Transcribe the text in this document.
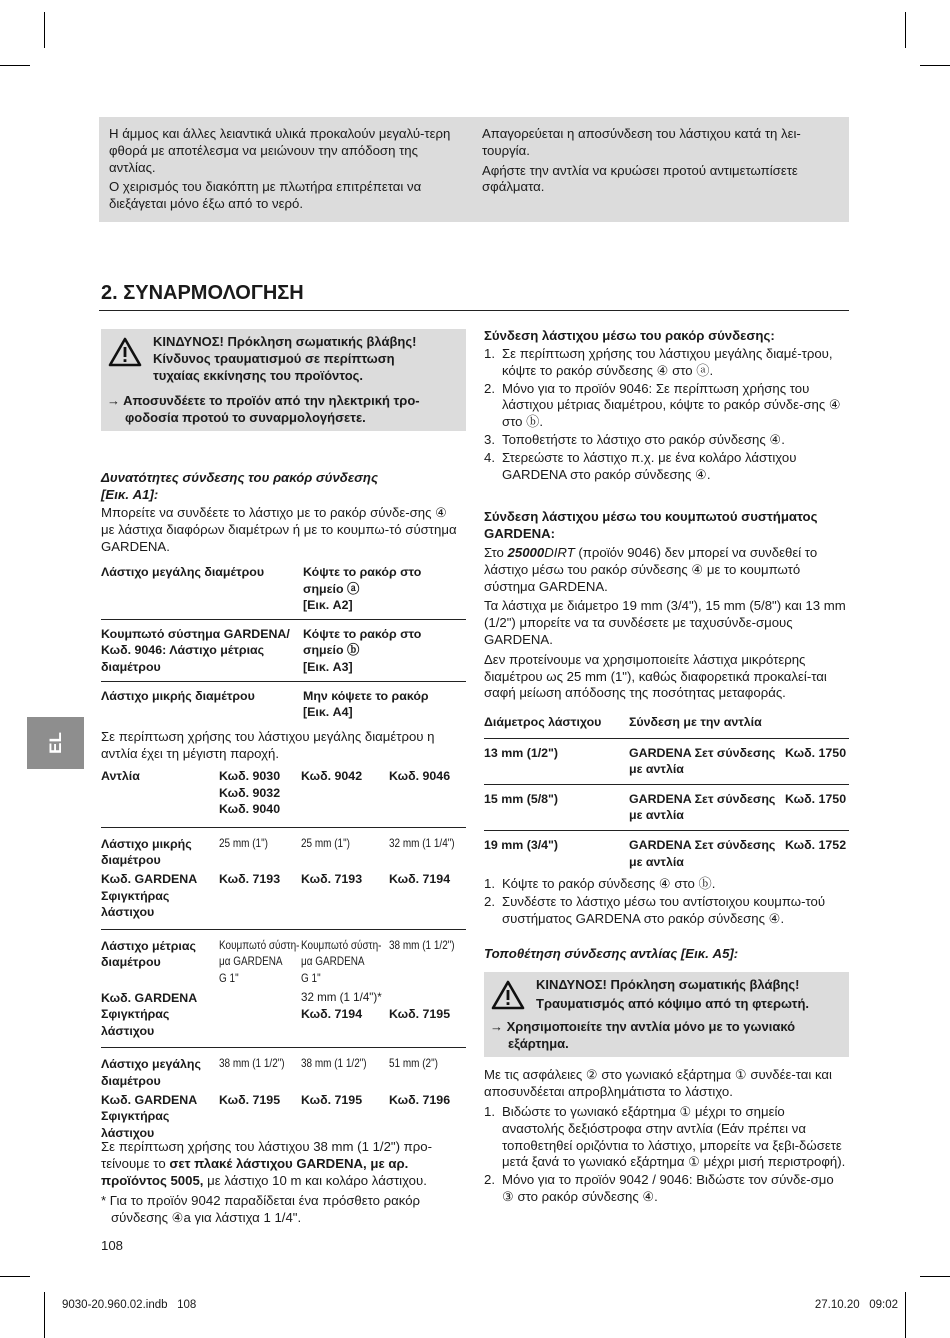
Η άμμος και άλλες λειαντικά υλικά προκαλούν μεγαλύ-τερη φθορά με αποτέλεσμα να μειώνουν την απόδοση της αντλίας.

Ο χειρισμός του διακόπτη με πλωτήρα επιτρέπεται να διεξάγεται μόνο έξω από το νερό.

Απαγορεύεται η αποσύνδεση του λάστιχου κατά τη λει-τουργία.

Αφήστε την αντλία να κρυώσει προτού αντιμετωπίσετε σφάλματα.

2. ΣΥΝΑΡΜΟΛΟΓΗΣΗ
EL

ΚΙΝΔΥΝΟΣ! Πρόκληση σωματικής βλάβης!

Κίνδυνος τραυματισμού σε περίπτωση

τυχαίας εκκίνησης του προϊόντος.

→ Αποσυνδέετε το προϊόν από την ηλεκτρική τρο-

φοδοσία προτού το συναρμολογήσετε.

Δυνατότητες σύνδεσης του ρακόρ σύνδεσης

[Εικ. A1]:

Μπορείτε να συνδέετε το λάστιχο με το ρακόρ σύνδε-σης ④ με λάστιχα διαφόρων διαμέτρων ή με το κουμπω-τό σύστημα GARDENA.
Λάστιχο μεγάλης διαμέτρου	Κόψτε το ρακόρ στο
σημείο ⓐ
[Εικ. A2]
Κουμπωτό σύστημα GARDENA/
Κωδ. 9046: Λάστιχο μέτριας
διαμέτρου
Κόψτε το ρακόρ στο
σημείο ⓑ
[Εικ. A3]
Λάστιχο μικρής διαμέτρου	Μην κόψετε το ρακόρ
[Εικ. A4]
Σε περίπτωση χρήσης του λάστιχου μεγάλης διαμέτρου η αντλία έχει τη μέγιστη παροχή.
Αντλία	Κωδ. 9030
Κωδ. 9032
Κωδ. 9040
Κωδ. 9042	Κωδ. 9046
Λάστιχο μικρής
διαμέτρου
25 mm (1")	25 mm (1")	32 mm (1 1/4")
Κωδ. GARDENA
Σφιγκτήρας
λάστιχου
Κωδ. 7193	Κωδ. 7193	Κωδ. 7194
Λάστιχο μέτριας
διαμέτρου
Κουμπωτό σύστη-
μα GARDENA
G 1"
Κουμπωτό σύστη-
μα GARDENA
G 1"
38 mm (1 1/2")
Κωδ. GARDENA
Σφιγκτήρας
λάστιχου

32 mm (1 1/4")*
Κωδ. 7194
	Κωδ. 7195
Λάστιχο μεγάλης
διαμέτρου
38 mm (1 1/2")	38 mm (1 1/2")	51 mm (2")
Κωδ. GARDENA
Σφιγκτήρας
λάστιχου
Κωδ. 7195	Κωδ. 7195	Κωδ. 7196
Σε περίπτωση χρήσης του λάστιχου 38 mm (1 1/2") προ-τείνουμε το σετ πλακέ λάστιχου GARDENA, με αρ. προϊόντος 5005, με λάστιχο 10 m και κολάρο λάστιχου.
* Για το προϊόν 9042 παραδίδεται ένα πρόσθετο ρακόρ σύνδεσης ④a για λάστιχα 1 1/4".
108
Σύνδεση λάστιχου μέσω του ρακόρ σύνδεσης:
1. Σε περίπτωση χρήσης του λάστιχου μεγάλης διαμέ-τρου, κόψτε το ρακόρ σύνδεσης ④ στο ⓐ.
2. Μόνο για το προϊόν 9046: Σε περίπτωση χρήσης του λάστιχου μέτριας διαμέτρου, κόψτε το ρακόρ σύνδε-σης ④ στο ⓑ.
3. Τοποθετήστε το λάστιχο στο ρακόρ σύνδεσης ④.
4. Στερεώστε το λάστιχο π.χ. με ένα κολάρο λάστιχου GARDENA στο ρακόρ σύνδεσης ④.
Σύνδεση λάστιχου μέσω του κουμπωτού συστήματος GARDENA:

Στο 25000DIRT (προϊόν 9046) δεν μπορεί να συνδεθεί το λάστιχο μέσω του ρακόρ σύνδεσης ④ με το κουμπωτό σύστημα GARDENA.

Τα λάστιχα με διάμετρο 19 mm (3/4"), 15 mm (5/8") και 13 mm (1/2") μπορείτε να τα συνδέσετε με ταχυσύνδε-σμους GARDENA.

Δεν προτείνουμε να χρησιμοποιείτε λάστιχα μικρότερης διαμέτρου ως 25 mm (1"), καθώς διαφορετικά προκαλεί-ται σαφή μείωση απόδοσης της ποσότητας μεταφοράς.

Διάμετρος λάστιχου	Σύνδεση με την αντλία
13 mm (1/2")	GARDENA Σετ σύνδεσης
με αντλία
Κωδ. 1750
15 mm (5/8")	GARDENA Σετ σύνδεσης
με αντλία
Κωδ. 1750
19 mm (3/4")	GARDENA Σετ σύνδεσης
με αντλία
Κωδ. 1752
1. Κόψτε το ρακόρ σύνδεσης ④ στο ⓑ.
2. Συνδέστε το λάστιχο μέσω του αντίστοιχου κουμπω-τού συστήματος GARDENA στο ρακόρ σύνδεσης ④.
Τοποθέτηση σύνδεσης αντλίας [Εικ. A5]:

ΚΙΝΔΥΝΟΣ! Πρόκληση σωματικής βλάβης!

Τραυματισμός από κόψιμο από τη φτερωτή.

→ Χρησιμοποιείτε την αντλία μόνο με το γωνιακό

εξάρτημα.

Με τις ασφάλειες ② στο γωνιακό εξάρτημα ① συνδέε-ται και αποσυνδέεται απροβλημάτιστα το λάστιχο.
1. Βιδώστε το γωνιακό εξάρτημα ① μέχρι το σημείο αναστολής δεξιόστροφα στην αντλία (Εάν πρέπει να τοποθετηθεί οριζόντια το λάστιχο, μπορείτε να ξεβι-δώσετε μετά ξανά το γωνιακό εξάρτημα ① μέχρι μισή περιστροφή).
2. Μόνο για το προϊόν 9042 / 9046: Βιδώστε τον σύνδε-σμο ③ στο ρακόρ σύνδεσης ④.
9030-20.960.02.indb   108	27.10.20   09:02
